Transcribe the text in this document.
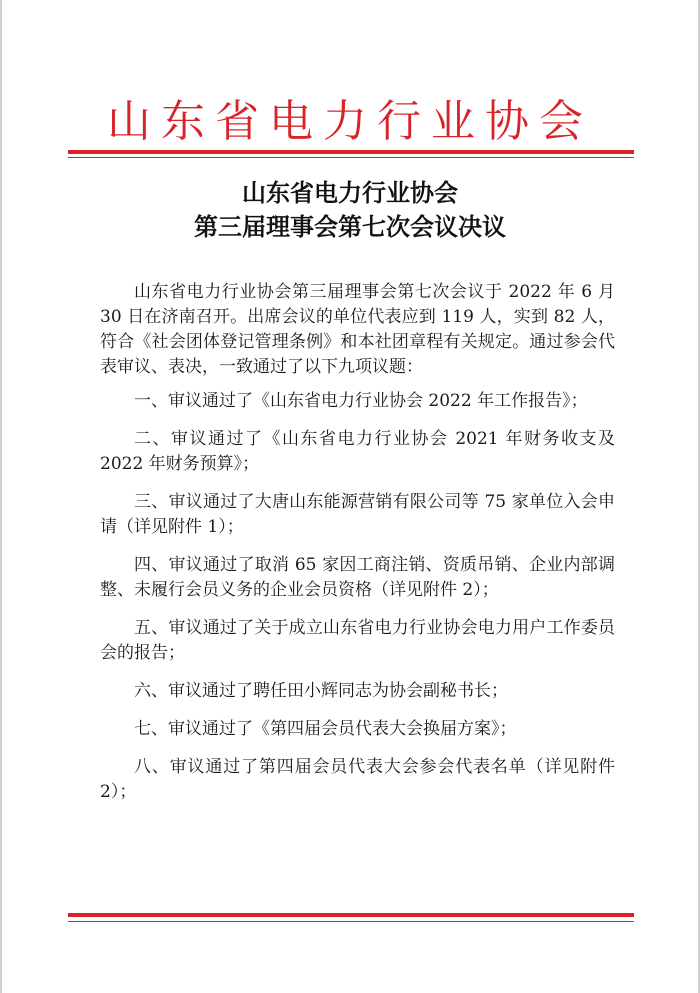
山东省电力行业协会
山东省电力行业协会
第三届理事会第七次会议决议

山东省电力行业协会第三届理事会第七次会议于 2022 年 6 月 30 日在济南召开。出席会议的单位代表应到 119 人，实到 82 人，符合《社会团体登记管理条例》和本社团章程有关规定。通过参会代表审议、表决，一致通过了以下九项议题：

一、审议通过了《山东省电力行业协会 2022 年工作报告》；

二、审议通过了《山东省电力行业协会 2021 年财务收支及 2022 年财务预算》；

三、审议通过了大唐山东能源营销有限公司等 75 家单位入会申请（详见附件 1）；

四、审议通过了取消 65 家因工商注销、资质吊销、企业内部调整、未履行会员义务的企业会员资格（详见附件 2）；

五、审议通过了关于成立山东省电力行业协会电力用户工作委员会的报告；

六、审议通过了聘任田小辉同志为协会副秘书长；

七、审议通过了《第四届会员代表大会换届方案》；

八、审议通过了第四届会员代表大会参会代表名单（详见附件 2）；
